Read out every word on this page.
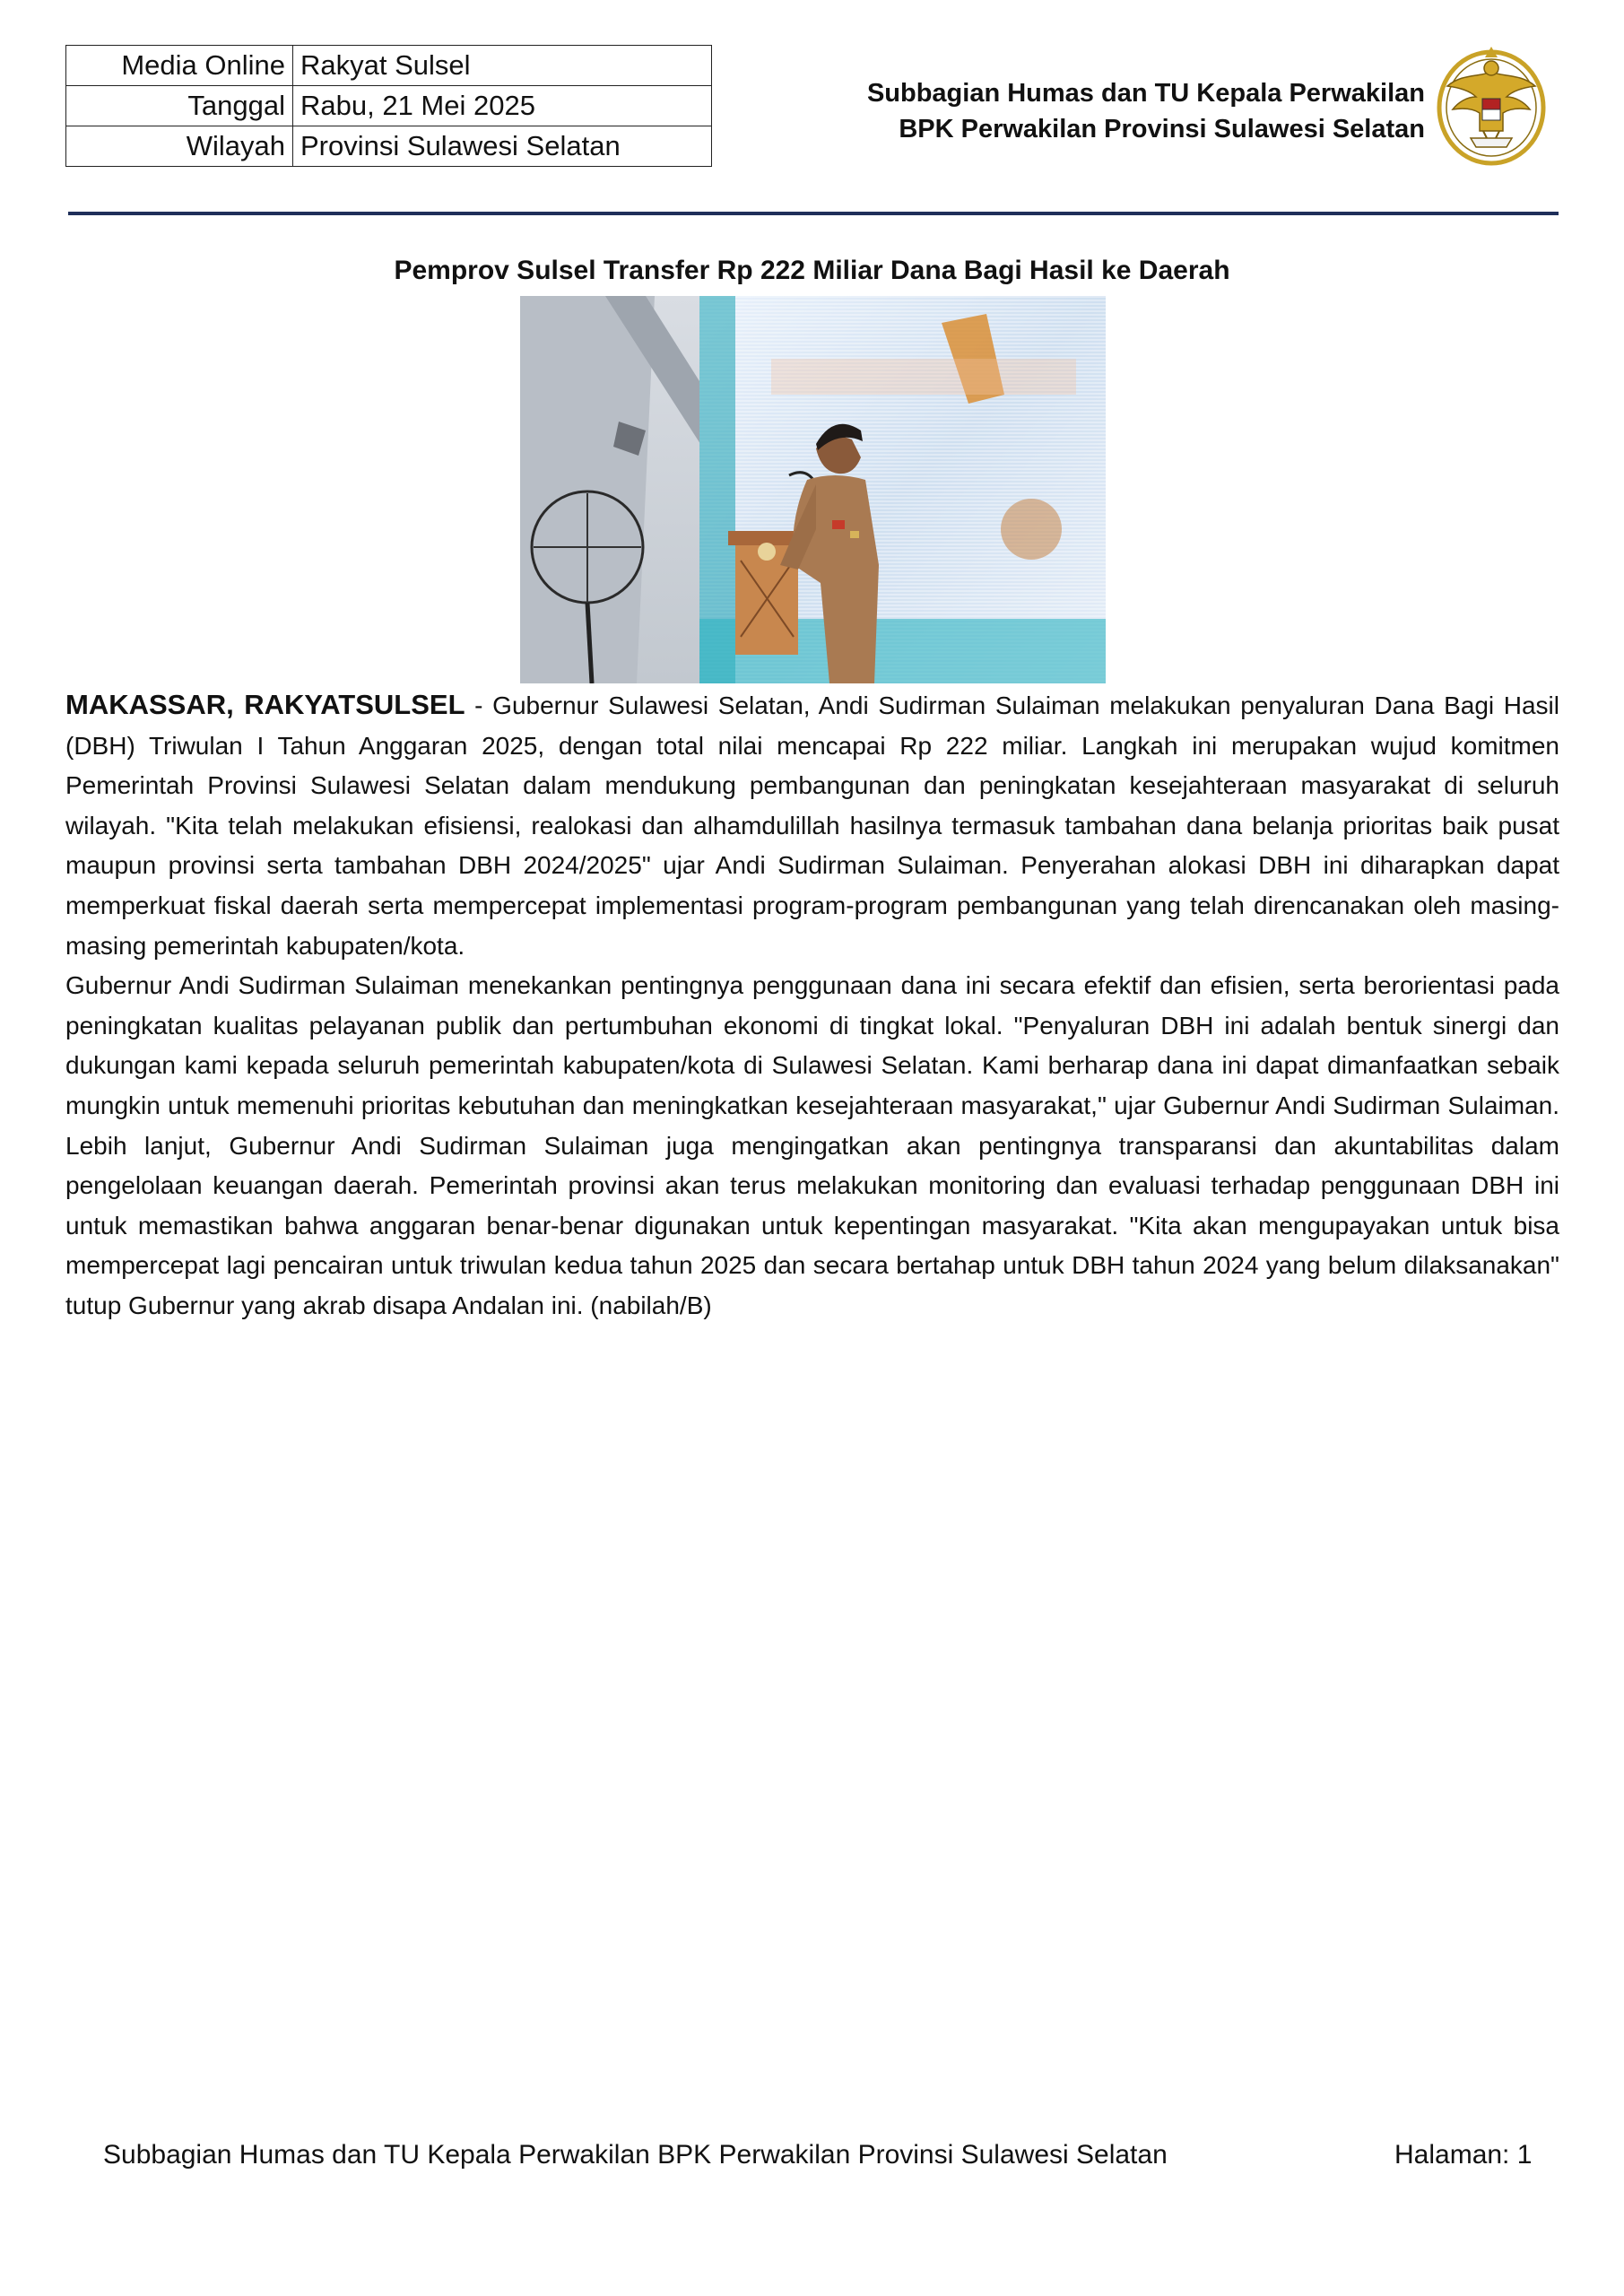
Media Online	Rakyat Sulsel
Tanggal	Rabu, 21 Mei 2025
Wilayah	Provinsi Sulawesi Selatan
Subbagian Humas dan TU Kepala Perwakilan
BPK Perwakilan Provinsi Sulawesi Selatan
Pemprov Sulsel Transfer Rp 222 Miliar Dana Bagi Hasil ke Daerah

MAKASSAR, RAKYATSULSEL - Gubernur Sulawesi Selatan, Andi Sudirman Sulaiman melakukan penyaluran Dana Bagi Hasil (DBH) Triwulan I Tahun Anggaran 2025, dengan total nilai mencapai Rp 222 miliar. Langkah ini merupakan wujud komitmen Pemerintah Provinsi Sulawesi Selatan dalam mendukung pembangunan dan peningkatan kesejahteraan masyarakat di seluruh wilayah. "Kita telah melakukan efisiensi, realokasi dan alhamdulillah hasilnya termasuk tambahan dana belanja prioritas baik pusat maupun provinsi serta tambahan DBH 2024/2025" ujar Andi Sudirman Sulaiman. Penyerahan alokasi DBH ini diharapkan dapat memperkuat fiskal daerah serta mempercepat implementasi program-program pembangunan yang telah direncanakan oleh masing-masing pemerintah kabupaten/kota.

Gubernur Andi Sudirman Sulaiman menekankan pentingnya penggunaan dana ini secara efektif dan efisien, serta berorientasi pada peningkatan kualitas pelayanan publik dan pertumbuhan ekonomi di tingkat lokal. "Penyaluran DBH ini adalah bentuk sinergi dan dukungan kami kepada seluruh pemerintah kabupaten/kota di Sulawesi Selatan. Kami berharap dana ini dapat dimanfaatkan sebaik mungkin untuk memenuhi prioritas kebutuhan dan meningkatkan kesejahteraan masyarakat," ujar Gubernur Andi Sudirman Sulaiman. Lebih lanjut, Gubernur Andi Sudirman Sulaiman juga mengingatkan akan pentingnya transparansi dan akuntabilitas dalam pengelolaan keuangan daerah. Pemerintah provinsi akan terus melakukan monitoring dan evaluasi terhadap penggunaan DBH ini untuk memastikan bahwa anggaran benar-benar digunakan untuk kepentingan masyarakat. "Kita akan mengupayakan untuk bisa mempercepat lagi pencairan untuk triwulan kedua tahun 2025 dan secara bertahap untuk DBH tahun 2024 yang belum dilaksanakan" tutup Gubernur yang akrab disapa Andalan ini. (nabilah/B)

Subbagian Humas dan TU Kepala Perwakilan BPK Perwakilan Provinsi Sulawesi Selatan	Halaman: 1
